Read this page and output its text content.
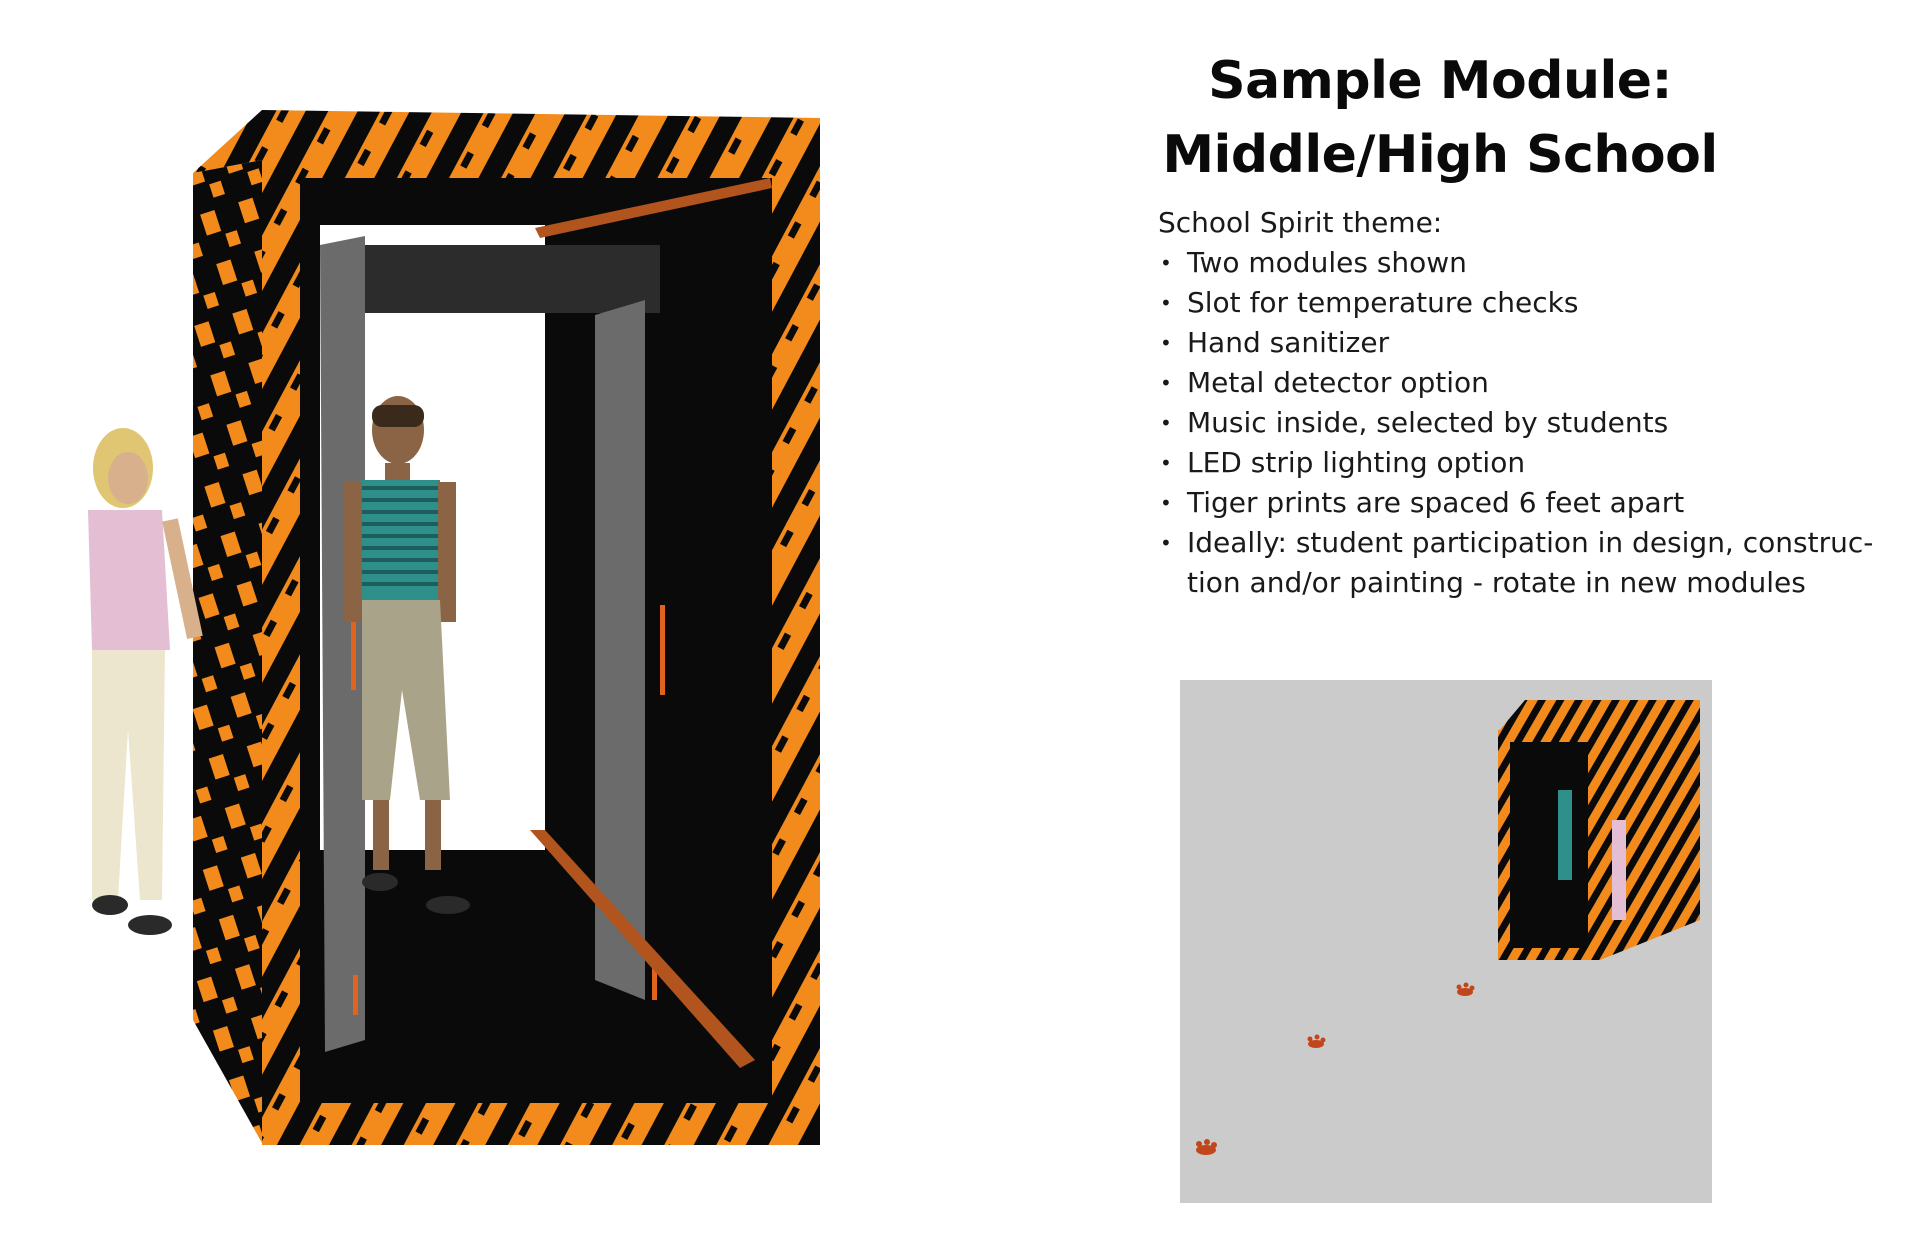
Sample Module:
Middle/High School
School Spirit theme:
• Two modules shown
• Slot for temperature checks
• Hand sanitizer
• Metal detector option
• Music inside, selected by students
• LED strip lighting option
• Tiger prints are spaced 6 feet apart
• Ideally: student participation in design, construc-
tion and/or painting - rotate in new modules
